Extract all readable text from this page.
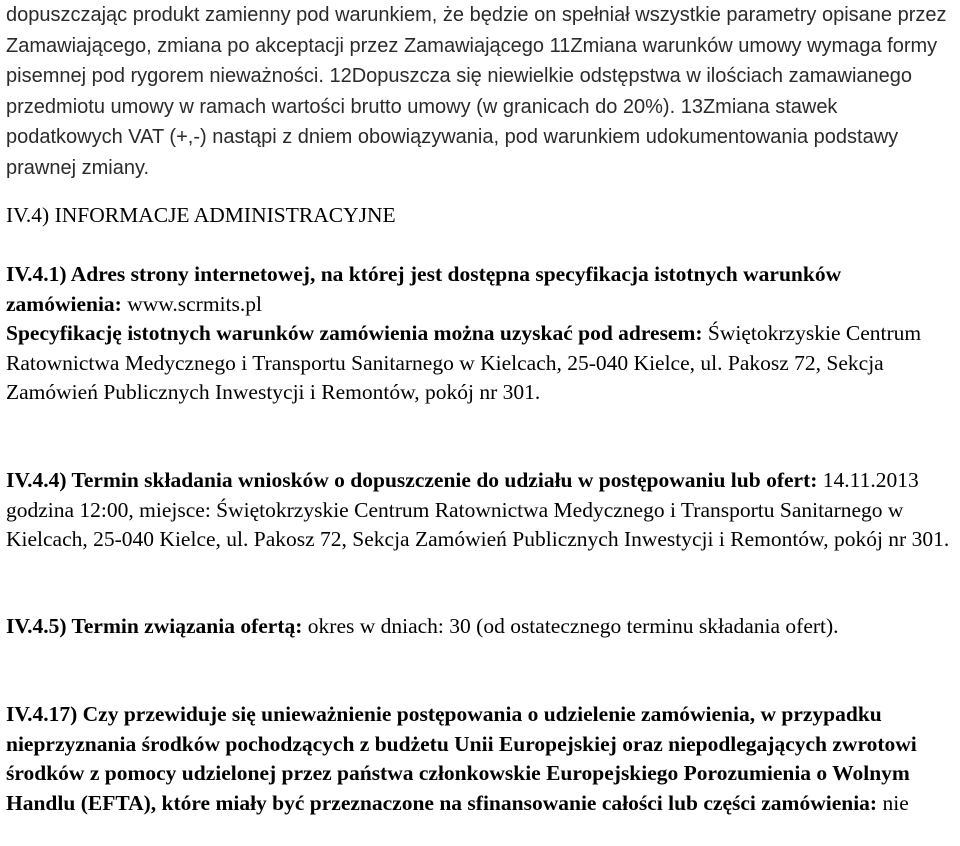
dopuszczając produkt zamienny pod warunkiem, że będzie on spełniał wszystkie parametry opisane przez Zamawiającego, zmiana po akceptacji przez Zamawiającego 11Zmiana warunków umowy wymaga formy pisemnej pod rygorem nieważności. 12Dopuszcza się niewielkie odstępstwa w ilościach zamawianego przedmiotu umowy w ramach wartości brutto umowy (w granicach do 20%). 13Zmiana stawek podatkowych VAT (+,-) nastąpi z dniem obowiązywania, pod warunkiem udokumentowania podstawy prawnej zmiany.

IV.4) INFORMACJE ADMINISTRACYJNE

IV.4.1) Adres strony internetowej, na której jest dostępna specyfikacja istotnych warunków zamówienia: www.scrmits.pl
Specyfikację istotnych warunków zamówienia można uzyskać pod adresem: Świętokrzyskie Centrum Ratownictwa Medycznego i Transportu Sanitarnego w Kielcach, 25-040 Kielce, ul. Pakosz 72, Sekcja Zamówień Publicznych Inwestycji i Remontów, pokój nr 301.

IV.4.4) Termin składania wniosków o dopuszczenie do udziału w postępowaniu lub ofert: 14.11.2013 godzina 12:00, miejsce: Świętokrzyskie Centrum Ratownictwa Medycznego i Transportu Sanitarnego w Kielcach, 25-040 Kielce, ul. Pakosz 72, Sekcja Zamówień Publicznych Inwestycji i Remontów, pokój nr 301.

IV.4.5) Termin związania ofertą: okres w dniach: 30 (od ostatecznego terminu składania ofert).

IV.4.17) Czy przewiduje się unieważnienie postępowania o udzielenie zamówienia, w przypadku nieprzyznania środków pochodzących z budżetu Unii Europejskiej oraz niepodlegających zwrotowi środków z pomocy udzielonej przez państwa członkowskie Europejskiego Porozumienia o Wolnym Handlu (EFTA), które miały być przeznaczone na sfinansowanie całości lub części zamówienia: nie
